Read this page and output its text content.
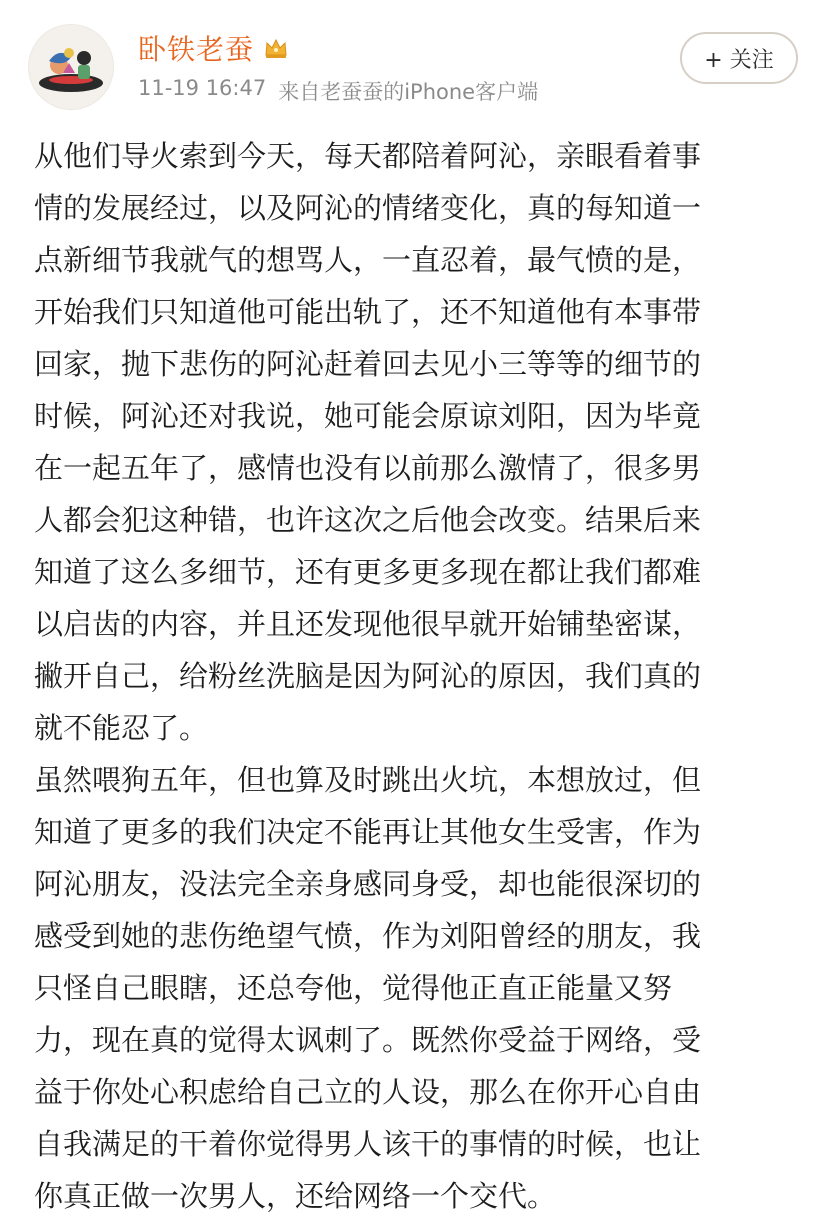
卧铁老蚕
11-19 16:47 来自老蚕蚕的iPhone客户端
+ 关注
从他们导火索到今天，每天都陪着阿沁，亲眼看着事
情的发展经过，以及阿沁的情绪变化，真的每知道一
点新细节我就气的想骂人，一直忍着，最气愤的是，
开始我们只知道他可能出轨了，还不知道他有本事带
回家，抛下悲伤的阿沁赶着回去见小三等等的细节的
时候，阿沁还对我说，她可能会原谅刘阳，因为毕竟
在一起五年了，感情也没有以前那么激情了，很多男
人都会犯这种错，也许这次之后他会改变。结果后来
知道了这么多细节，还有更多更多现在都让我们都难
以启齿的内容，并且还发现他很早就开始铺垫密谋，
撇开自己，给粉丝洗脑是因为阿沁的原因，我们真的
就不能忍了。
虽然喂狗五年，但也算及时跳出火坑，本想放过，但
知道了更多的我们决定不能再让其他女生受害，作为
阿沁朋友，没法完全亲身感同身受，却也能很深切的
感受到她的悲伤绝望气愤，作为刘阳曾经的朋友，我
只怪自己眼瞎，还总夸他，觉得他正直正能量又努
力，现在真的觉得太讽刺了。既然你受益于网络，受
益于你处心积虑给自己立的人设，那么在你开心自由
自我满足的干着你觉得男人该干的事情的时候，也让
你真正做一次男人，还给网络一个交代。
